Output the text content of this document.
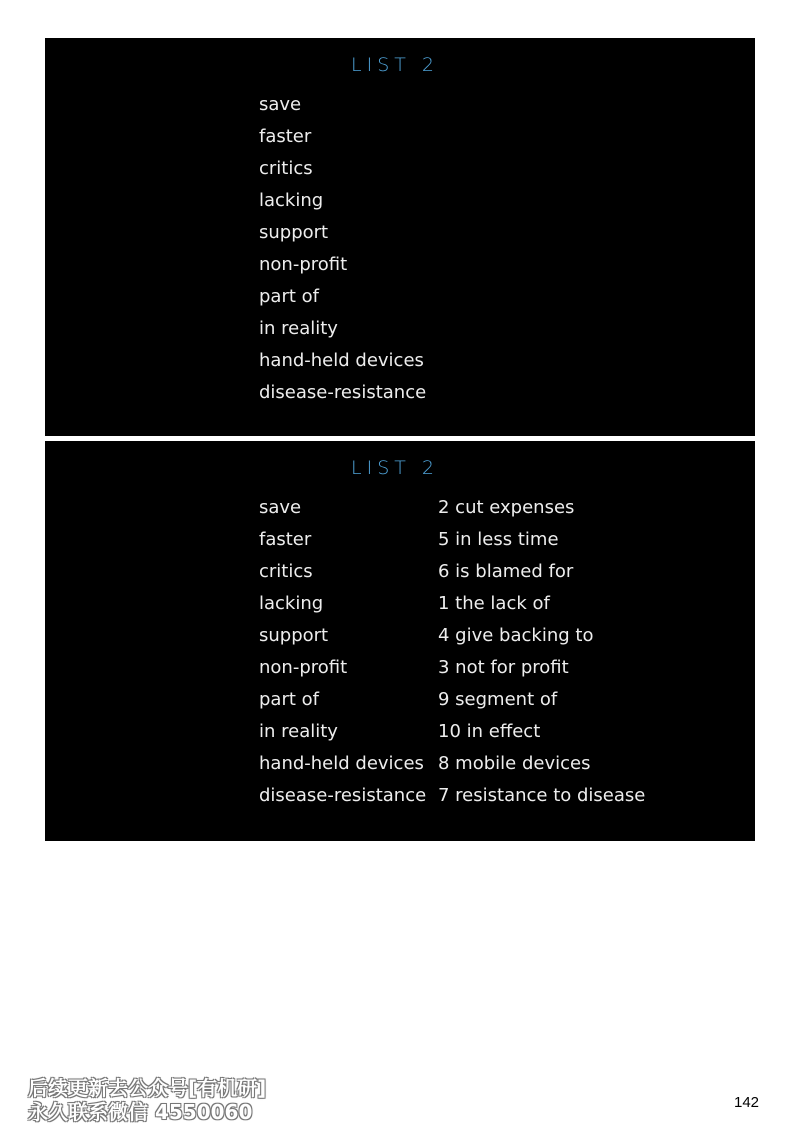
LIST 2
save
faster
critics
lacking
support
non-profit
part of
in reality
hand-held devices
disease-resistance
LIST 2
save
faster
critics
lacking
support
non-profit
part of
in reality
hand-held devices
disease-resistance
2 cut expenses
5 in less time
6 is blamed for
1 the lack of
4 give backing to
3 not for profit
9 segment of
10 in effect
8 mobile devices
7 resistance to disease
后续更新去公众号[有机研]
永久联系微信 4550060	142
